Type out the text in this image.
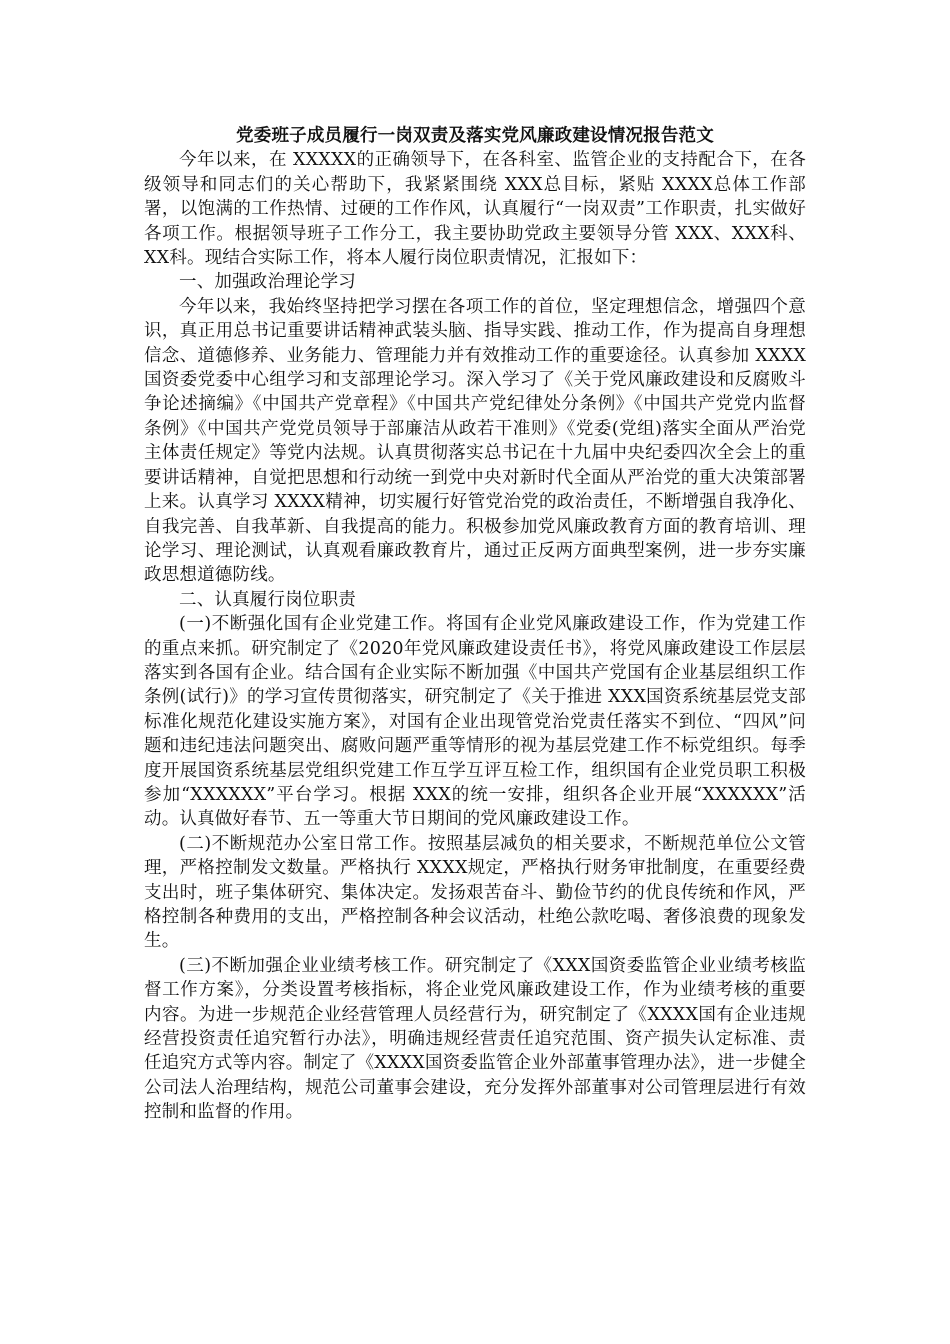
党委班子成员履行一岗双责及落实党风廉政建设情况报告范文

今年以来，在 XXXXX的正确领导下，在各科室、监管企业的支持配合下，在各级领导和同志们的关心帮助下，我紧紧围绕 XXX总目标，紧贴 XXXX总体工作部署，以饱满的工作热情、过硬的工作作风，认真履行“一岗双责”工作职责，扎实做好各项工作。根据领导班子工作分工，我主要协助党政主要领导分管 XXX、XXX科、XX科。现结合实际工作，将本人履行岗位职责情况，汇报如下：

一、加强政治理论学习

今年以来，我始终坚持把学习摆在各项工作的首位，坚定理想信念，增强四个意识，真正用总书记重要讲话精神武装头脑、指导实践、推动工作，作为提高自身理想信念、道德修养、业务能力、管理能力并有效推动工作的重要途径。认真参加 XXXX国资委党委中心组学习和支部理论学习。深入学习了《关于党风廉政建设和反腐败斗争论述摘编》《中国共产党章程》《中国共产党纪律处分条例》《中国共产党党内监督条例》《中国共产党党员领导于部廉洁从政若干准则》《党委(党组)落实全面从严治党主体责任规定》等党内法规。认真贯彻落实总书记在十九届中央纪委四次全会上的重要讲话精神，自觉把思想和行动统一到党中央对新时代全面从严治党的重大决策部署上来。认真学习 XXXX精神，切实履行好管党治党的政治责任，不断增强自我净化、自我完善、自我革新、自我提高的能力。积极参加党风廉政教育方面的教育培训、理论学习、理论测试，认真观看廉政教育片，通过正反两方面典型案例，进一步夯实廉政思想道德防线。

二、认真履行岗位职责

(一)不断强化国有企业党建工作。将国有企业党风廉政建设工作，作为党建工作的重点来抓。研究制定了《2020年党风廉政建设责任书》，将党风廉政建设工作层层落实到各国有企业。结合国有企业实际不断加强《中国共产党国有企业基层组织工作条例(试行)》的学习宣传贯彻落实，研究制定了《关于推进 XXX国资系统基层党支部标准化规范化建设实施方案》，对国有企业出现管党治党责任落实不到位、“四风”问题和违纪违法问题突出、腐败问题严重等情形的视为基层党建工作不标党组织。每季度开展国资系统基层党组织党建工作互学互评互检工作，组织国有企业党员职工积极参加“XXXXXX”平台学习。根据 XXX的统一安排，组织各企业开展“XXXXXX”活动。认真做好春节、五一等重大节日期间的党风廉政建设工作。

(二)不断规范办公室日常工作。按照基层减负的相关要求，不断规范单位公文管理，严格控制发文数量。严格执行 XXXX规定，严格执行财务审批制度，在重要经费支出时，班子集体研究、集体决定。发扬艰苦奋斗、勤俭节约的优良传统和作风，严格控制各种费用的支出，严格控制各种会议活动，杜绝公款吃喝、奢侈浪费的现象发生。

(三)不断加强企业业绩考核工作。研究制定了《XXX国资委监管企业业绩考核监督工作方案》，分类设置考核指标，将企业党风廉政建设工作，作为业绩考核的重要内容。为进一步规范企业经营管理人员经营行为，研究制定了《XXXX国有企业违规经营投资责任追究暂行办法》，明确违规经营责任追究范围、资产损失认定标准、责任追究方式等内容。制定了《XXXX国资委监管企业外部董事管理办法》，进一步健全公司法人治理结构，规范公司董事会建设，充分发挥外部董事对公司管理层进行有效控制和监督的作用。
